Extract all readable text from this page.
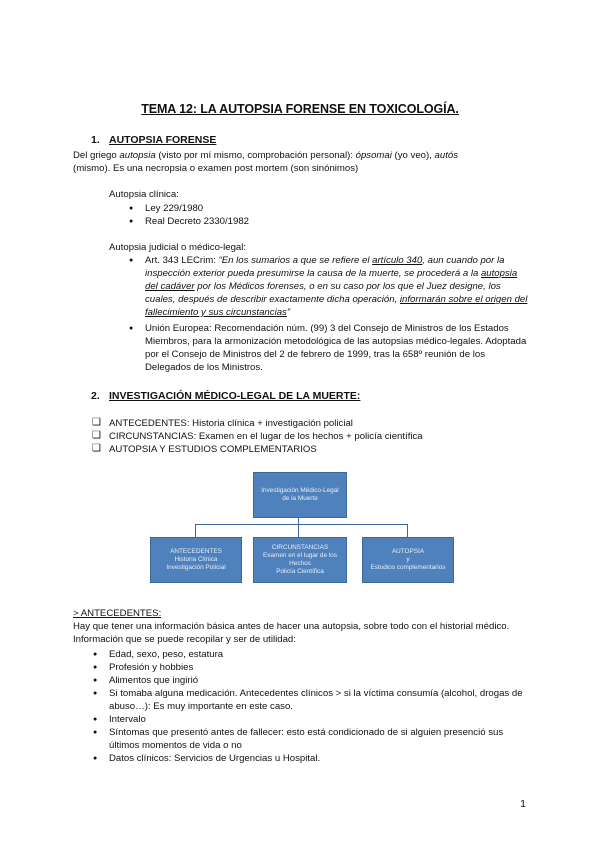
TEMA 12: LA AUTOPSIA FORENSE EN TOXICOLOGÍA.
1. AUTOPSIA FORENSE
Del griego autopsia (visto por mí mismo, comprobación personal): ópsomai (yo veo), autós
(mismo). Es una necropsia o examen post mortem (son sinónimos)
Autopsia clínica:
● Ley 229/1980
● Real Decreto 2330/1982
Autopsia judicial o médico-legal:
● Art. 343 LECrim: “En los sumarios a que se refiere el artículo 340, aun cuando por la inspección exterior pueda presumirse la causa de la muerte, se procederá a la autopsia del cadáver por los Médicos forenses, o en su caso por los que el Juez designe, los cuales, después de describir exactamente dicha operación, informarán sobre el origen del fallecimiento y sus circunstancias”
● Unión Europea: Recomendación núm. (99) 3 del Consejo de Ministros de los Estados Miembros, para la armonización metodológica de las autopsias médico-legales. Adoptada por el Consejo de Ministros del 2 de febrero de 1999, tras la 658º reunión de los Delegados de los Ministros.
2. INVESTIGACIÓN MÉDICO-LEGAL DE LA MUERTE:
❑ ANTECEDENTES: Historia clínica + investigación policial
❑ CIRCUNSTANCIAS: Examen en el lugar de los hechos + policía científica
❑ AUTOPSIA Y ESTUDIOS COMPLEMENTARIOS
Investigación Médico-Legal
de la Muerte
ANTECEDENTES
Historia Clínica
Investigación Policial
CIRCUNSTANCIAS
Examen en el lugar de los
Hechos
Policía Científica
AUTOPSIA
y
Estudios complementarios
> ANTECEDENTES:
Hay que tener una información básica antes de hacer una autopsia, sobre todo con el historial médico. Información que se puede recopilar y ser de utilidad:
● Edad, sexo, peso, estatura
● Profesión y hobbies
● Alimentos que ingirió
● Si tomaba alguna medicación. Antecedentes clínicos > si la víctima consumía (alcohol, drogas de abuso…): Es muy importante en este caso.
● Intervalo
● Síntomas que presentó antes de fallecer: esto está condicionado de si alguien presenció sus últimos momentos de vida o no
● Datos clínicos: Servicios de Urgencias u Hospital.
1
